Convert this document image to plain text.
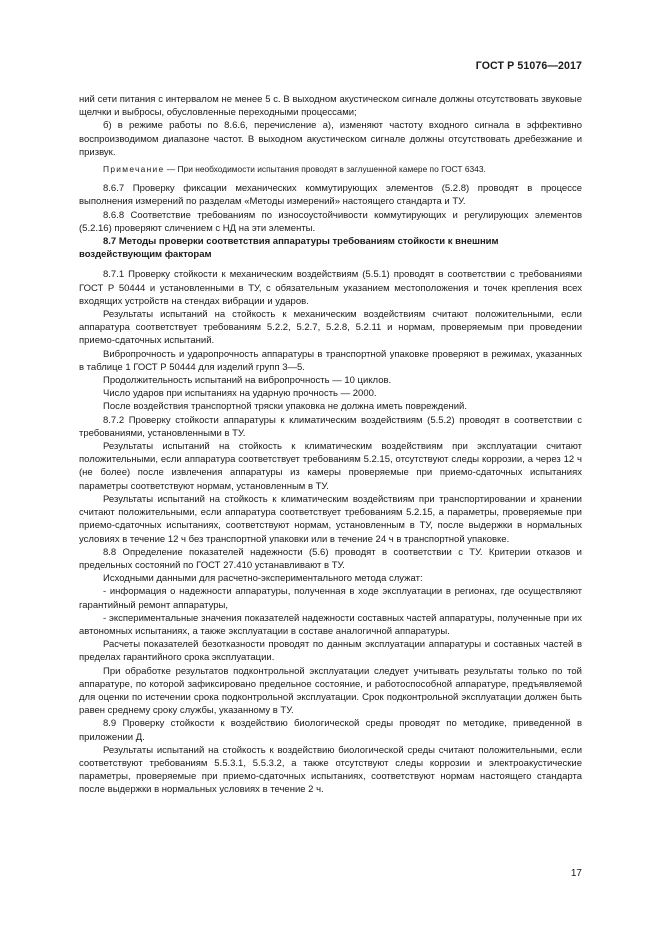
ГОСТ Р 51076—2017

ний сети питания с интервалом не менее 5 с. В выходном акустическом сигнале должны отсутствовать звуковые щелчки и выбросы, обусловленные переходными процессами;

б) в режиме работы по 8.6.6, перечисление а), изменяют частоту входного сигнала в эффективно воспроизводимом диапазоне частот. В выходном акустическом сигнале должны отсутствовать дребезжание и призвук.

Примечание — При необходимости испытания проводят в заглушенной камере по ГОСТ 6343.

8.6.7 Проверку фиксации механических коммутирующих элементов (5.2.8) проводят в процессе выполнения измерений по разделам «Методы измерений» настоящего стандарта и ТУ.

8.6.8 Соответствие требованиям по износоустойчивости коммутирующих и регулирующих элементов (5.2.16) проверяют сличением с НД на эти элементы.

8.7 Методы проверки соответствия аппаратуры требованиям стойкости к внешним воздействующим факторам

8.7.1 Проверку стойкости к механическим воздействиям (5.5.1) проводят в соответствии с требованиями ГОСТ Р 50444 и установленными в ТУ, с обязательным указанием местоположения и точек крепления всех входящих устройств на стендах вибрации и ударов.

Результаты испытаний на стойкость к механическим воздействиям считают положительными, если аппаратура соответствует требованиям 5.2.2, 5.2.7, 5.2.8, 5.2.11 и нормам, проверяемым при проведении приемо-сдаточных испытаний.

Вибропрочность и ударопрочность аппаратуры в транспортной упаковке проверяют в режимах, указанных в таблице 1 ГОСТ Р 50444 для изделий групп 3—5.

Продолжительность испытаний на вибропрочность — 10 циклов.

Число ударов при испытаниях на ударную прочность — 2000.

После воздействия транспортной тряски упаковка не должна иметь повреждений.

8.7.2 Проверку стойкости аппаратуры к климатическим воздействиям (5.5.2) проводят в соответствии с требованиями, установленными в ТУ.

Результаты испытаний на стойкость к климатическим воздействиям при эксплуатации считают положительными, если аппаратура соответствует требованиям 5.2.15, отсутствуют следы коррозии, а через 12 ч (не более) после извлечения аппаратуры из камеры проверяемые при приемо-сдаточных испытаниях параметры соответствуют нормам, установленным в ТУ.

Результаты испытаний на стойкость к климатическим воздействиям при транспортировании и хранении считают положительными, если аппаратура соответствует требованиям 5.2.15, а параметры, проверяемые при приемо-сдаточных испытаниях, соответствуют нормам, установленным в ТУ, после выдержки в нормальных условиях в течение 12 ч без транспортной упаковки или в течение 24 ч в транспортной упаковке.

8.8 Определение показателей надежности (5.6) проводят в соответствии с ТУ. Критерии отказов и предельных состояний по ГОСТ 27.410 устанавливают в ТУ.

Исходными данными для расчетно-экспериментального метода служат:

- информация о надежности аппаратуры, полученная в ходе эксплуатации в регионах, где осуществляют гарантийный ремонт аппаратуры,

- экспериментальные значения показателей надежности составных частей аппаратуры, полученные при их автономных испытаниях, а также эксплуатации в составе аналогичной аппаратуры.

Расчеты показателей безотказности проводят по данным эксплуатации аппаратуры и составных частей в пределах гарантийного срока эксплуатации.

При обработке результатов подконтрольной эксплуатации следует учитывать результаты только по той аппаратуре, по которой зафиксировано предельное состояние, и работоспособной аппаратуре, предъявляемой для оценки по истечении срока подконтрольной эксплуатации. Срок подконтрольной эксплуатации должен быть равен среднему сроку службы, указанному в ТУ.

8.9 Проверку стойкости к воздействию биологической среды проводят по методике, приведенной в приложении Д.

Результаты испытаний на стойкость к воздействию биологической среды считают положительными, если соответствуют требованиям 5.5.3.1, 5.5.3.2, а также отсутствуют следы коррозии и электроакустические параметры, проверяемые при приемо-сдаточных испытаниях, соответствуют нормам настоящего стандарта после выдержки в нормальных условиях в течение 2 ч.

17
